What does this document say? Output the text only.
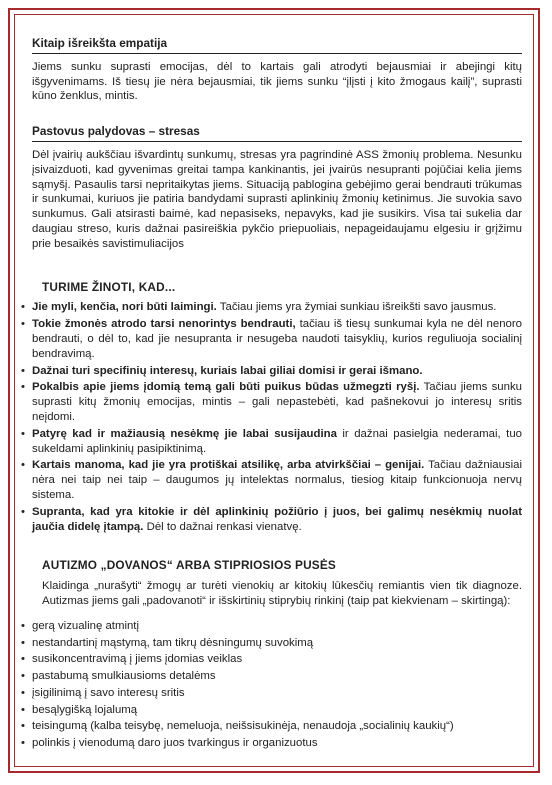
Kitaip išreikšta empatija

Jiems sunku suprasti emocijas, dėl to kartais gali atrodyti bejausmiai ir abejingi kitų išgyvenimams. Iš tiesų jie nėra bejausmiai, tik jiems sunku “įlįsti į kito žmogaus kailį”, suprasti kūno ženklus, mintis.

Pastovus palydovas – stresas

Dėl įvairių aukščiau išvardintų sunkumų, stresas yra pagrindinė ASS žmonių problema. Nesunku įsivaizduoti, kad gyvenimas greitai tampa kankinantis, jei įvairūs nesupranti pojūčiai kelia jiems sąmyšį. Pasaulis tarsi nepritaikytas jiems. Situaciją pablogina gebėjimo gerai bendrauti trūkumas ir sunkumai, kuriuos jie patiria bandydami suprasti aplinkinių žmonių ketinimus. Jie suvokia savo sunkumus. Gali atsirasti baimė, kad nepasiseks, nepavyks, kad jie susikirs. Visa tai sukelia dar daugiau streso, kuris dažnai pasireiškia pykčio priepuoliais, nepageidaujamu elgesiu ir grįžimu prie besaikės savistimuliacijos

TURIME ŽINOTI, KAD...
• Jie myli, kenčia, nori būti laimingi. Tačiau jiems yra žymiai sunkiau išreikšti savo jausmus.
• Tokie žmonės atrodo tarsi nenorintys bendrauti, tačiau iš tiesų sunkumai kyla ne dėl nenoro bendrauti, o dėl to, kad jie nesupranta ir nesugeba naudoti taisyklių, kurios reguliuoja socialinį bendravimą.
• Dažnai turi specifinių interesų, kuriais labai giliai domisi ir gerai išmano.
• Pokalbis apie jiems įdomią temą gali būti puikus būdas užmegzti ryšį. Tačiau jiems sunku suprasti kitų žmonių emocijas, mintis – gali nepastebėti, kad pašnekovui jo interesų sritis neįdomi.
• Patyrę kad ir mažiausią nesėkmę jie labai susijaudina ir dažnai pasielgia nederamai, tuo sukeldami aplinkinių pasipiktinimą.
• Kartais manoma, kad jie yra protiškai atsilikę, arba atvirkščiai – genijai. Tačiau dažniausiai nėra nei taip nei taip – daugumos jų intelektas normalus, tiesiog kitaip funkcionuoja nervų sistema.
• Supranta, kad yra kitokie ir dėl aplinkinių požiūrio į juos, bei galimų nesėkmių nuolat jaučia didelę įtampą. Dėl to dažnai renkasi vienatvę.
AUTIZMO „DOVANOS“ ARBA STIPRIOSIOS PUSĖS

Klaidinga „nurašyti“ žmogų ar turėti vienokių ar kitokių lūkesčių remiantis vien tik diagnoze. Autizmas jiems gali „padovanoti“ ir išskirtinių stiprybių rinkinį (taip pat kiekvienam – skirtingą):

• gerą vizualinę atmintį
• nestandartinį mąstymą, tam tikrų dėsningumų suvokimą
• susikoncentravimą į jiems įdomias veiklas
• pastabumą smulkiausioms detalėms
• įsigilinimą į savo interesų sritis
• besąlygišką lojalumą
• teisingumą (kalba teisybę, nemeluoja, neišsisukinėja, nenaudoja „socialinių kaukių“)
• polinkis į vienodumą daro juos tvarkingus ir organizuotus
